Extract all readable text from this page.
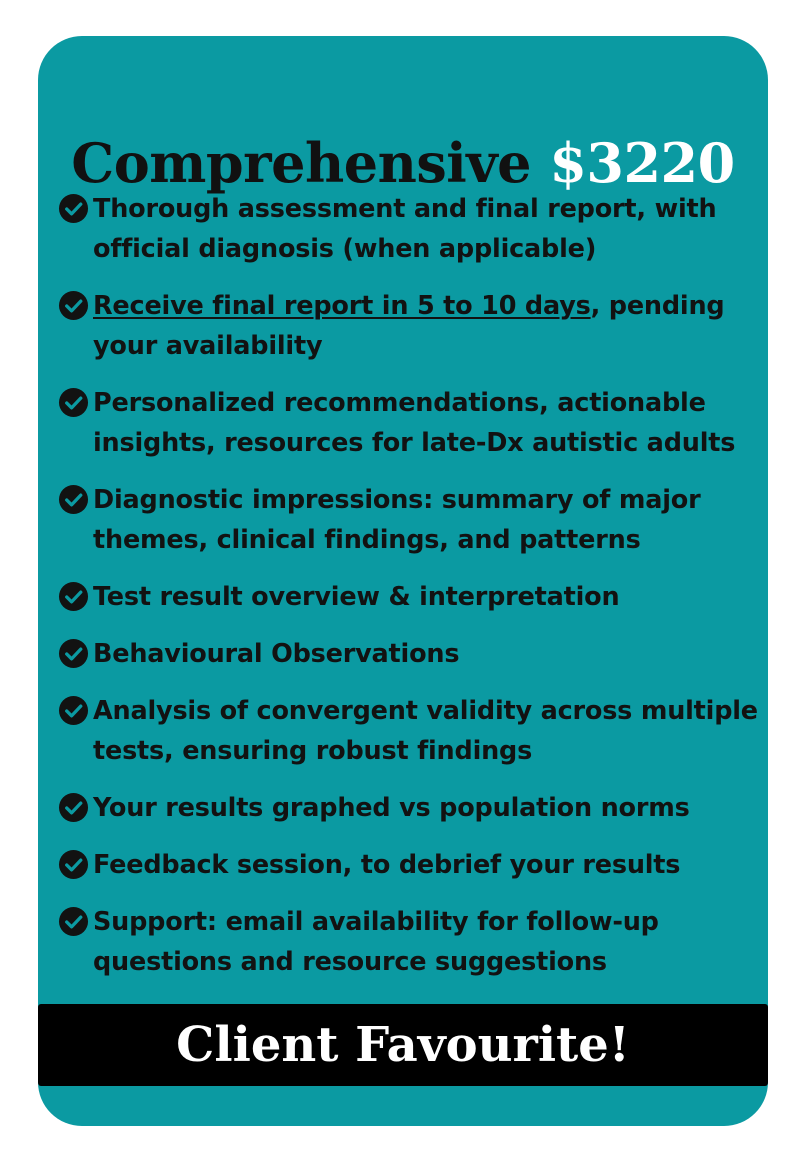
Comprehensive $3220
Thorough assessment and final report, with official diagnosis (when applicable)
Receive final report in 5 to 10 days, pending your availability
Personalized recommendations, actionable insights, resources for late-Dx autistic adults
Diagnostic impressions: summary of major themes, clinical findings, and patterns
Test result overview & interpretation
Behavioural Observations
Analysis of convergent validity across multiple tests, ensuring robust findings
Your results graphed vs population norms
Feedback session, to debrief your results
Support: email availability for follow-up questions and resource suggestions
Client Favourite!
